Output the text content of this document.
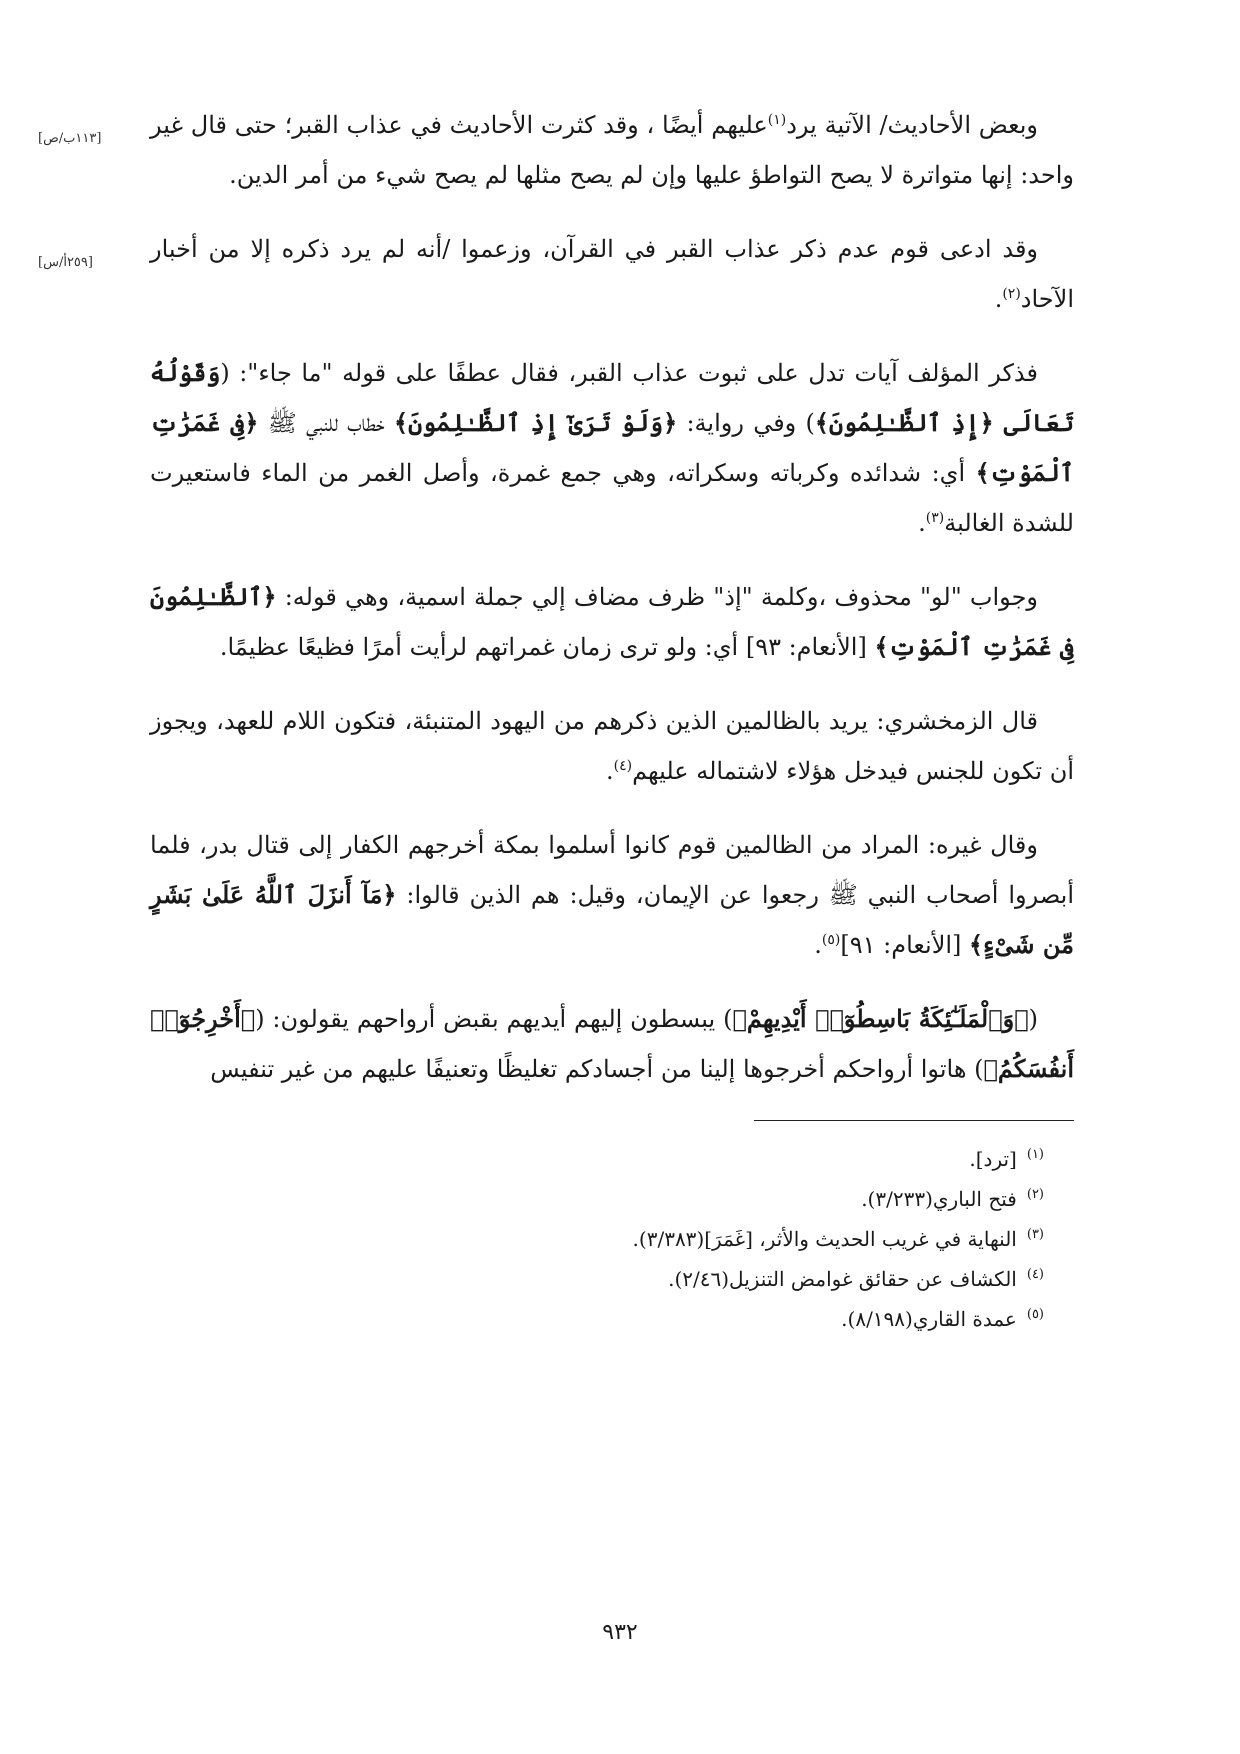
[١١٣ب/ص]	وبعض الأحاديث/ الآتية يرد$^{(١)}$عليهم أيضًا ، وقد كثرت الأحاديث في عذاب القبر؛ حتى قال غير واحد: إنها متواترة لا يصح التواطؤ عليها وإن لم يصح مثلها لم يصح شيء من أمر الدين.

[٢٥٩أ/س]	وقد ادعى قوم عدم ذكر عذاب القبر في القرآن، وزعموا /أنه لم يرد ذكره إلا من أخبار الآحاد$^{(٢)}$.

فذكر المؤلف آيات تدل على ثبوت عذاب القبر، فقال عطفًا على قوله "ما جاء": (وَقَوْلُهُ تَعَالَى ﴿إِذِ ٱلظَّـٰلِمُونَ﴾) وفي رواية: ﴿وَلَوْ تَرَىٰٓ إِذِ ٱلظَّـٰلِمُونَ﴾ خطاب للنبي ﷺ ﴿فِى غَمَرَٰتِ ٱلْمَوْتِ﴾ أي: شدائده وكرباته وسكراته، وهي جمع غمرة، وأصل الغمر من الماء فاستعيرت للشدة الغالبة$^{(٣)}$.

وجواب "لو" محذوف ،وكلمة "إذ" ظرف مضاف إلي جملة اسمية، وهي قوله: ﴿ٱلظَّـٰلِمُونَ فِى غَمَرَٰتِ ٱلْمَوْتِ﴾ [الأنعام: ٩٣] أي: ولو ترى زمان غمراتهم لرأيت أمرًا فظيعًا عظيمًا.

قال الزمخشري: يريد بالظالمين الذين ذكرهم من اليهود المتنبئة، فتكون اللام للعهد، ويجوز أن تكون للجنس فيدخل هؤلاء لاشتماله عليهم$^{(٤)}$.

وقال غيره: المراد من الظالمين قوم كانوا أسلموا بمكة أخرجهم الكفار إلى قتال بدر، فلما أبصروا أصحاب النبي ﷺ رجعوا عن الإيمان، وقيل: هم الذين قالوا: ﴿مَآ أَنزَلَ ٱللَّهُ عَلَىٰ بَشَرٍ مِّن شَىْءٍ﴾ [الأنعام: ٩١]$^{(٥)}$.

(﴿وَٱلْمَلَـٰٓئِكَةُ بَاسِطُوٓا۟ أَيْدِيهِمْ﴾) يبسطون إليهم أيديهم بقبض أرواحهم يقولون: (﴿أَخْرِجُوٓا۟ أَنفُسَكُمُ﴾) هاتوا أرواحكم أخرجوها إلينا من أجسادكم تغليظًا وتعنيفًا عليهم من غير تنفيس

$^{(١)}$[ترد].

$^{(٢)}$فتح الباري(٣/٢٣٣).

$^{(٣)}$النهاية في غريب الحديث والأثر، [غَمَرَ](٣/٣٨٣).

$^{(٤)}$الكشاف عن حقائق غوامض التنزيل(٢/٤٦).

$^{(٥)}$عمدة القاري(٨/١٩٨).

٩٣٢
